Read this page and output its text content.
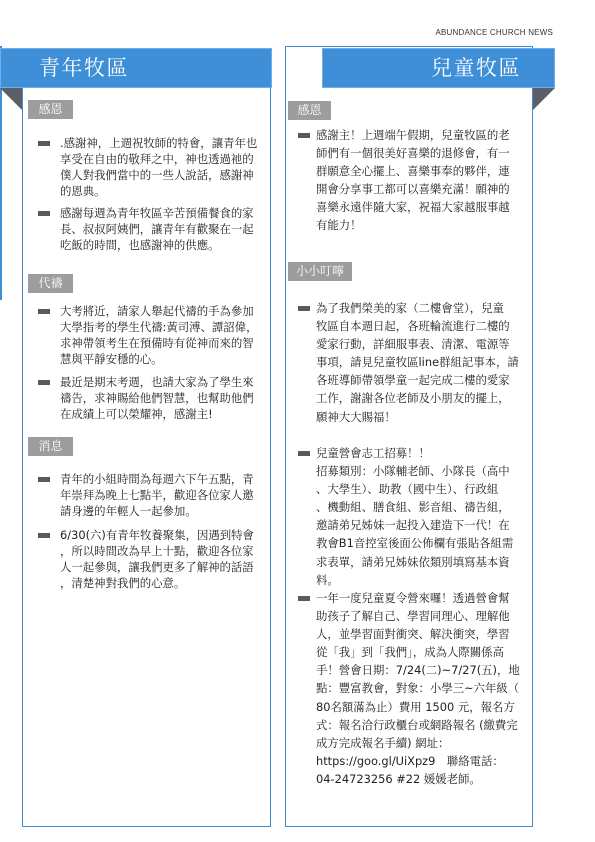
ABUNDANCE CHURCH NEWS
青年牧區	兒童牧區
感恩
.感謝神，上週祝牧師的特會，讓青年也
享受在自由的敬拜之中，神也透過祂的
僕人對我們當中的一些人說話，感謝神
的恩典。
感謝每週為青年牧區辛苦預備餐食的家
長、叔叔阿姨們，讓青年有歡聚在一起
吃飯的時間，也感謝神的供應。
代禱
大考將近，請家人舉起代禱的手為參加
大學指考的學生代禱:黃司溥、譚詔偉，
求神帶領考生在預備時有從神而來的智
慧與平靜安穩的心。
最近是期末考週，也請大家為了學生來
禱告，求神賜給他們智慧，也幫助他們
在成績上可以榮耀神，感謝主!
消息
青年的小組時間為每週六下午五點，青
年崇拜為晚上七點半，歡迎各位家人邀
請身邊的年輕人一起參加。
6/30(六)有青年牧養聚集，因遇到特會
，所以時間改為早上十點，歡迎各位家
人一起參與，讓我們更多了解神的話語
，清楚神對我們的心意。
感恩
感謝主！上週端午假期，兒童牧區的老
師們有一個很美好喜樂的退修會，有一
群願意全心擺上、喜樂事奉的夥伴，連
開會分享事工都可以喜樂充滿！願神的
喜樂永遠伴隨大家，祝福大家越服事越
有能力！
小小叮嚀
為了我們榮美的家（二樓會堂），兒童
牧區自本週日起，各班輪流進行二樓的
愛家行動，詳細服事表、清潔、電源等
事項，請見兒童牧區line群組記事本，請
各班導師帶領學童一起完成二樓的愛家
工作，謝謝各位老師及小朋友的擺上，
願神大大賜福！
兒童營會志工招募！！
招募類別：小隊輔老師、小隊長（高中
、大學生）、助教（國中生）、行政組
、機動組、膳食組、影音組、禱告組，
邀請弟兄姊妹一起投入建造下一代！在
教會B1音控室後面公佈欄有張貼各組需
求表單，請弟兄姊妹依類別填寫基本資
料。
一年一度兒童夏令營來囉！透過營會幫
助孩子了解自己、學習同理心、理解他
人，並學習面對衝突、解決衝突，學習
從「我」到「我們」，成為人際關係高
手！營會日期：7/24(二)~7/27(五)，地
點：豐富教會，對象：小學三~六年級（
80名額滿為止）費用 1500 元，報名方
式：報名洽行政櫃台或網路報名 (繳費完
成方完成報名手續) 網址：
https://goo.gl/UiXpz9　聯絡電話：
04-24723256 #22 媛媛老師。
